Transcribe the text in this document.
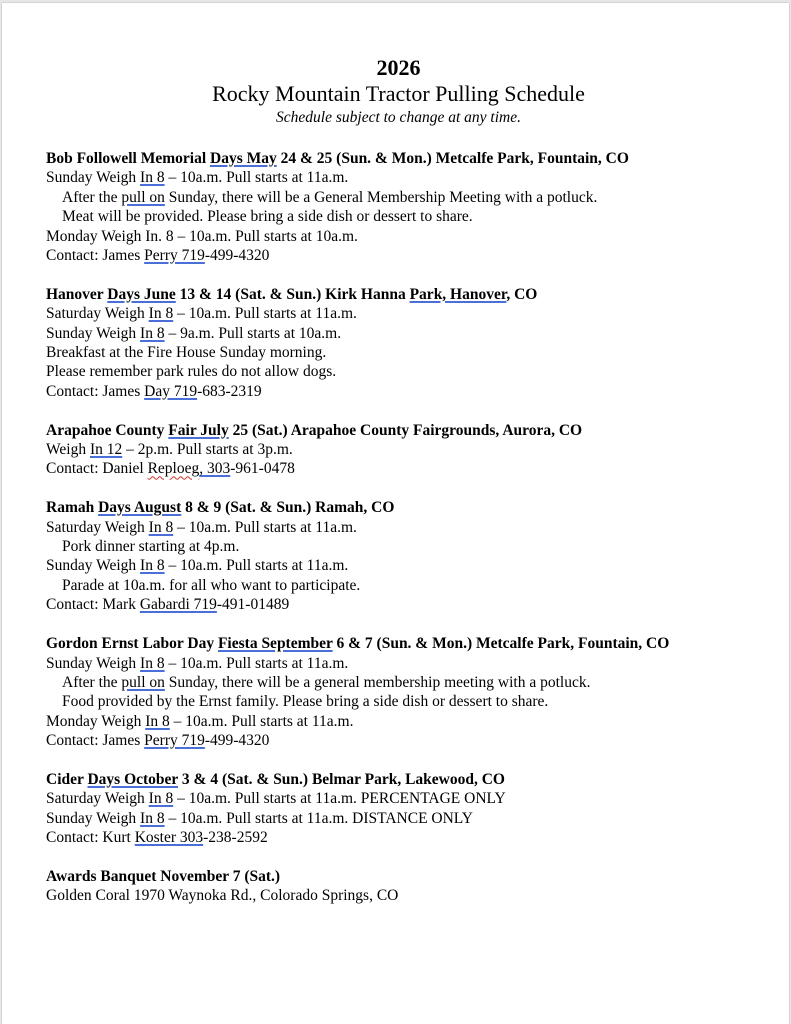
2026
Rocky Mountain Tractor Pulling Schedule
Schedule subject to change at any time.
Bob Followell Memorial Days May 24 & 25 (Sun. & Mon.) Metcalfe Park, Fountain, CO
Sunday Weigh In 8 – 10a.m. Pull starts at 11a.m.
After the pull on Sunday, there will be a General Membership Meeting with a potluck.
Meat will be provided. Please bring a side dish or dessert to share.
Monday Weigh In. 8 – 10a.m. Pull starts at 10a.m.
Contact: James Perry 719-499-4320
Hanover Days June 13 & 14 (Sat. & Sun.) Kirk Hanna Park, Hanover, CO
Saturday Weigh In 8 – 10a.m. Pull starts at 11a.m.
Sunday Weigh In 8 – 9a.m. Pull starts at 10a.m.
Breakfast at the Fire House Sunday morning.
Please remember park rules do not allow dogs.
Contact: James Day 719-683-2319
Arapahoe County Fair July 25 (Sat.) Arapahoe County Fairgrounds, Aurora, CO
Weigh In 12 – 2p.m. Pull starts at 3p.m.
Contact: Daniel Reploeg, 303-961-0478
Ramah Days August 8 & 9 (Sat. & Sun.) Ramah, CO
Saturday Weigh In 8 – 10a.m. Pull starts at 11a.m.
Pork dinner starting at 4p.m.
Sunday Weigh In 8 – 10a.m. Pull starts at 11a.m.
Parade at 10a.m. for all who want to participate.
Contact: Mark Gabardi 719-491-01489
Gordon Ernst Labor Day Fiesta September 6 & 7 (Sun. & Mon.) Metcalfe Park, Fountain, CO
Sunday Weigh In 8 – 10a.m. Pull starts at 11a.m.
After the pull on Sunday, there will be a general membership meeting with a potluck.
Food provided by the Ernst family. Please bring a side dish or dessert to share.
Monday Weigh In 8 – 10a.m. Pull starts at 11a.m.
Contact: James Perry 719-499-4320
Cider Days October 3 & 4 (Sat. & Sun.) Belmar Park, Lakewood, CO
Saturday Weigh In 8 – 10a.m. Pull starts at 11a.m. PERCENTAGE ONLY
Sunday Weigh In 8 – 10a.m. Pull starts at 11a.m. DISTANCE ONLY
Contact: Kurt Koster 303-238-2592
Awards Banquet November 7 (Sat.)
Golden Coral 1970 Waynoka Rd., Colorado Springs, CO
